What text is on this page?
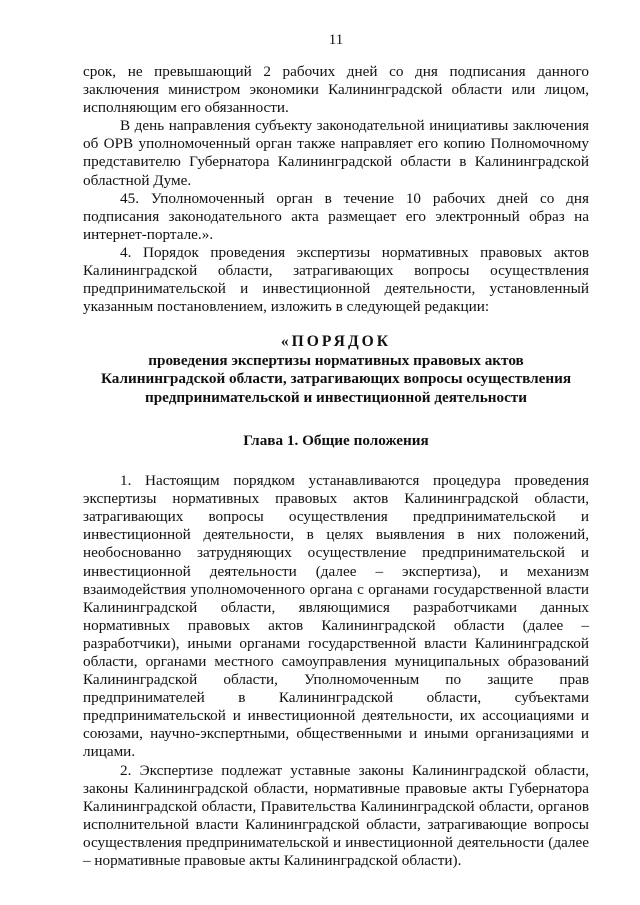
11

срок, не превышающий 2 рабочих дней со дня подписания данного заключения министром экономики Калининградской области или лицом, исполняющим его обязанности.

В день направления субъекту законодательной инициативы заключения об ОРВ уполномоченный орган также направляет его копию Полномочному представителю Губернатора Калининградской области в Калининградской областной Думе.

45. Уполномоченный орган в течение 10 рабочих дней со дня подписания законодательного акта размещает его электронный образ на интернет-портале.».

4. Порядок проведения экспертизы нормативных правовых актов Калининградской области, затрагивающих вопросы осуществления предпринимательской и инвестиционной деятельности, установленный указанным постановлением, изложить в следующей редакции:

«ПОРЯДОК
проведения экспертизы нормативных правовых актов
Калининградской области, затрагивающих вопросы осуществления
предпринимательской и инвестиционной деятельности
Глава 1. Общие положения

1. Настоящим порядком устанавливаются процедура проведения экспертизы нормативных правовых актов Калининградской области, затрагивающих вопросы осуществления предпринимательской и инвестиционной деятельности, в целях выявления в них положений, необоснованно затрудняющих осуществление предпринимательской и инвестиционной деятельности (далее – экспертиза), и механизм взаимодействия уполномоченного органа с органами государственной власти Калининградской области, являющимися разработчиками данных нормативных правовых актов Калининградской области (далее – разработчики), иными органами государственной власти Калининградской области, органами местного самоуправления муниципальных образований Калининградской области, Уполномоченным по защите прав предпринимателей в Калининградской области, субъектами предпринимательской и инвестиционной деятельности, их ассоциациями и союзами, научно-экспертными, общественными и иными организациями и лицами.

2. Экспертизе подлежат уставные законы Калининградской области, законы Калининградской области, нормативные правовые акты Губернатора Калининградской области, Правительства Калининградской области, органов исполнительной власти Калининградской области, затрагивающие вопросы осуществления предпринимательской и инвестиционной деятельности (далее – нормативные правовые акты Калининградской области).
